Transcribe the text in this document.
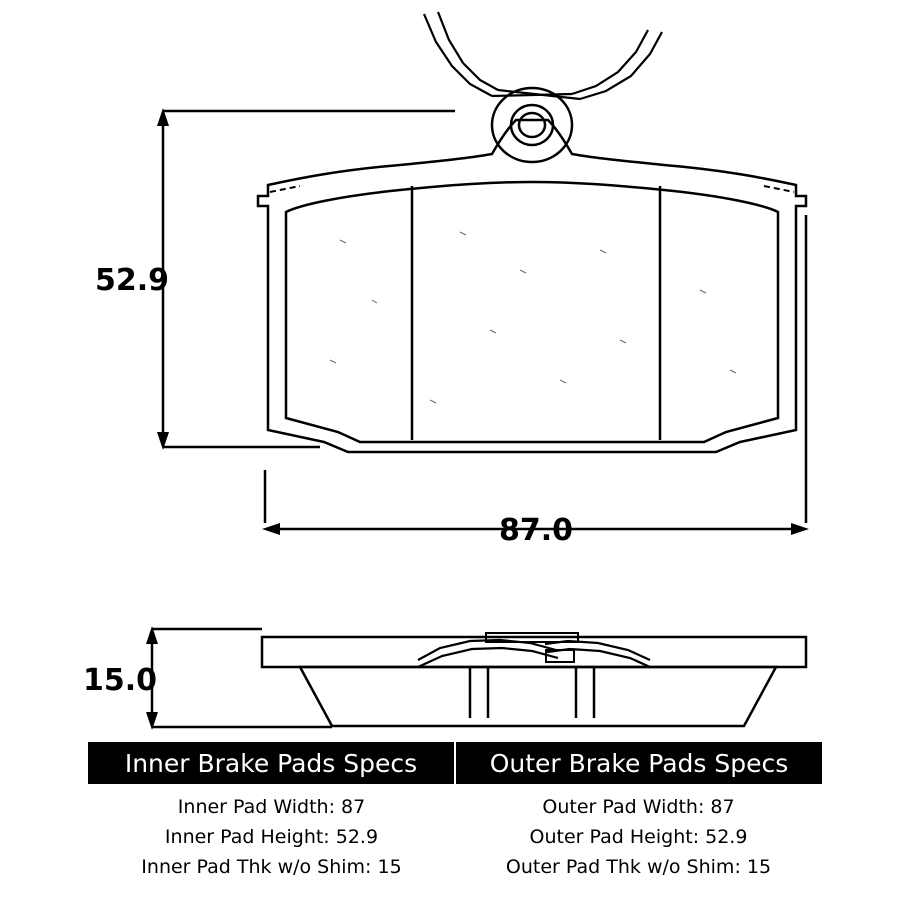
52.9
87.0
15.0
Inner Brake Pads Specs	Outer Brake Pads Specs
Inner Pad Width: 87
Inner Pad Height: 52.9
Inner Pad Thk w/o Shim: 15
Outer Pad Width: 87
Outer Pad Height: 52.9
Outer Pad Thk w/o Shim: 15
